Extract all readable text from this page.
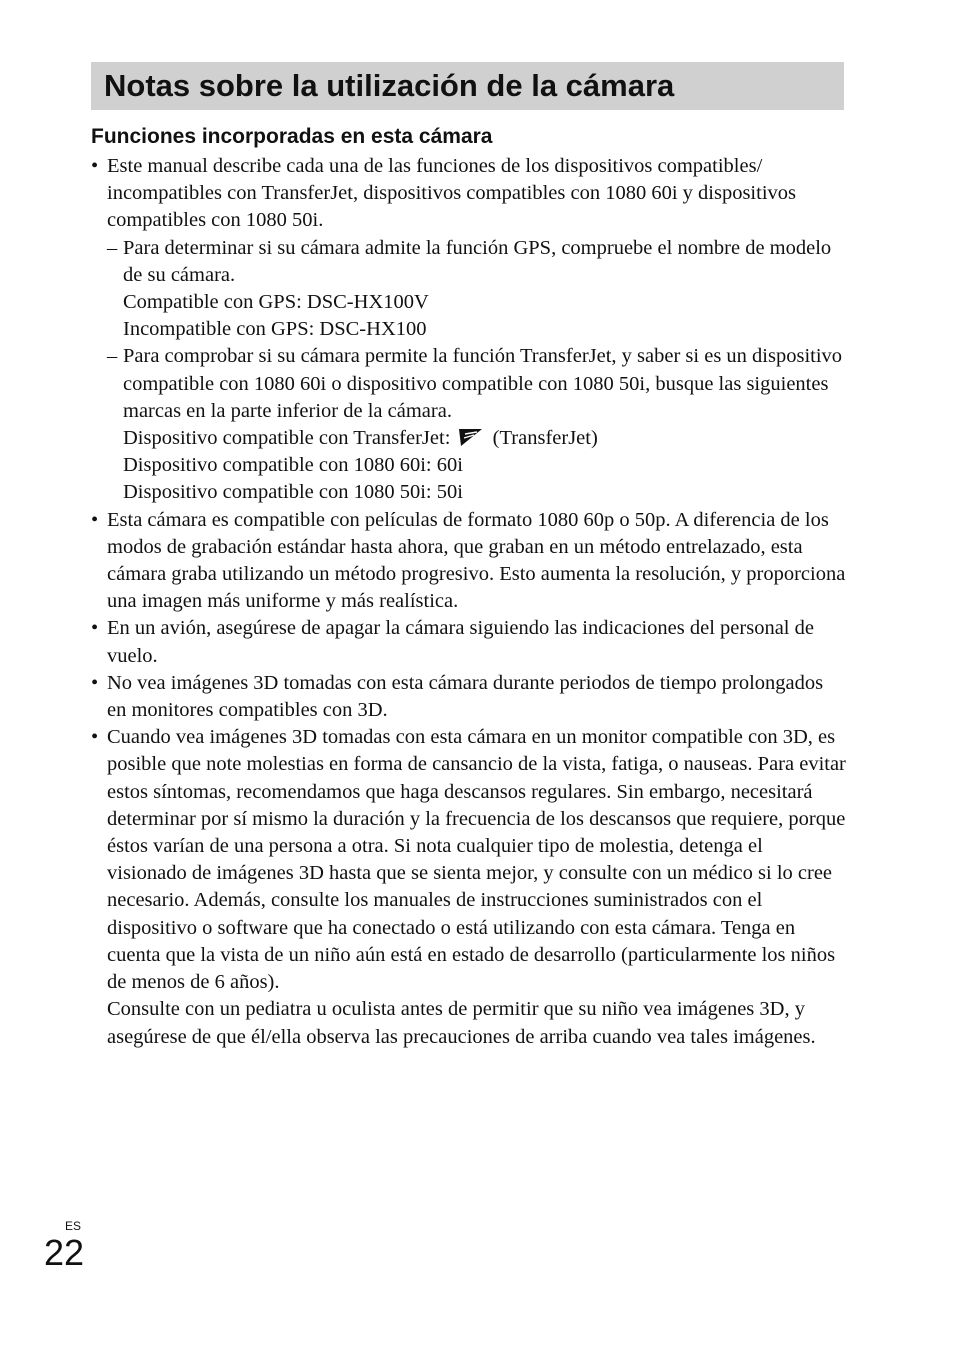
Notas sobre la utilización de la cámara
Funciones incorporadas en esta cámara

• Este manual describe cada una de las funciones de los dispositivos compatibles/ incompatibles con TransferJet, dispositivos compatibles con 1080 60i y dispositivos compatibles con 1080 50i.

– Para determinar si su cámara admite la función GPS, compruebe el nombre de modelo de su cámara.

Compatible con GPS: DSC-HX100V

Incompatible con GPS: DSC-HX100

– Para comprobar si su cámara permite la función TransferJet, y saber si es un dispositivo compatible con 1080 60i o dispositivo compatible con 1080 50i, busque las siguientes marcas en la parte inferior de la cámara.

Dispositivo compatible con TransferJet: (TransferJet)

Dispositivo compatible con 1080 60i: 60i

Dispositivo compatible con 1080 50i: 50i

• Esta cámara es compatible con películas de formato 1080 60p o 50p. A diferencia de los modos de grabación estándar hasta ahora, que graban en un método entrelazado, esta cámara graba utilizando un método progresivo. Esto aumenta la resolución, y proporciona una imagen más uniforme y más realística.

• En un avión, asegúrese de apagar la cámara siguiendo las indicaciones del personal de vuelo.

• No vea imágenes 3D tomadas con esta cámara durante periodos de tiempo prolongados en monitores compatibles con 3D.

• Cuando vea imágenes 3D tomadas con esta cámara en un monitor compatible con 3D, es posible que note molestias en forma de cansancio de la vista, fatiga, o nauseas. Para evitar estos síntomas, recomendamos que haga descansos regulares. Sin embargo, necesitará determinar por sí mismo la duración y la frecuencia de los descansos que requiere, porque éstos varían de una persona a otra. Si nota cualquier tipo de molestia, detenga el visionado de imágenes 3D hasta que se sienta mejor, y consulte con un médico si lo cree necesario. Además, consulte los manuales de instrucciones suministrados con el dispositivo o software que ha conectado o está utilizando con esta cámara. Tenga en cuenta que la vista de un niño aún está en estado de desarrollo (particularmente los niños de menos de 6 años).

Consulte con un pediatra u oculista antes de permitir que su niño vea imágenes 3D, y asegúrese de que él/ella observa las precauciones de arriba cuando vea tales imágenes.

ES
22
